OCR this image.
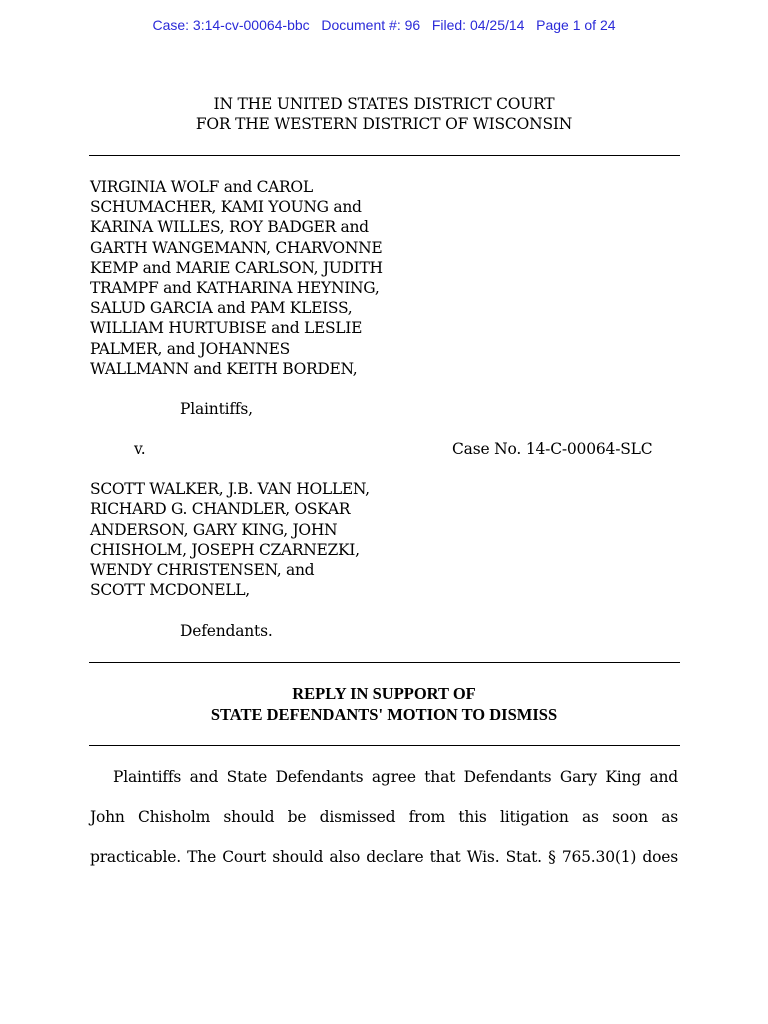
Case: 3:14-cv-00064-bbc   Document #: 96   Filed: 04/25/14   Page 1 of 24
IN THE UNITED STATES DISTRICT COURT
FOR THE WESTERN DISTRICT OF WISCONSIN
VIRGINIA WOLF and CAROL
SCHUMACHER, KAMI YOUNG and
KARINA WILLES, ROY BADGER and
GARTH WANGEMANN, CHARVONNE
KEMP and MARIE CARLSON, JUDITH
TRAMPF and KATHARINA HEYNING,
SALUD GARCIA and PAM KLEISS,
WILLIAM HURTUBISE and LESLIE
PALMER, and JOHANNES
WALLMANN and KEITH BORDEN,
Plaintiffs,
v.	Case No. 14-C-00064-SLC
SCOTT WALKER, J.B. VAN HOLLEN,
RICHARD G. CHANDLER, OSKAR
ANDERSON, GARY KING, JOHN
CHISHOLM, JOSEPH CZARNEZKI,
WENDY CHRISTENSEN, and
SCOTT MCDONELL,
Defendants.
REPLY IN SUPPORT OF
STATE DEFENDANTS' MOTION TO DISMISS
Plaintiffs and State Defendants agree that Defendants Gary King and
John Chisholm should be dismissed from this litigation as soon as
practicable. The Court should also declare that Wis. Stat. § 765.30(1) does
